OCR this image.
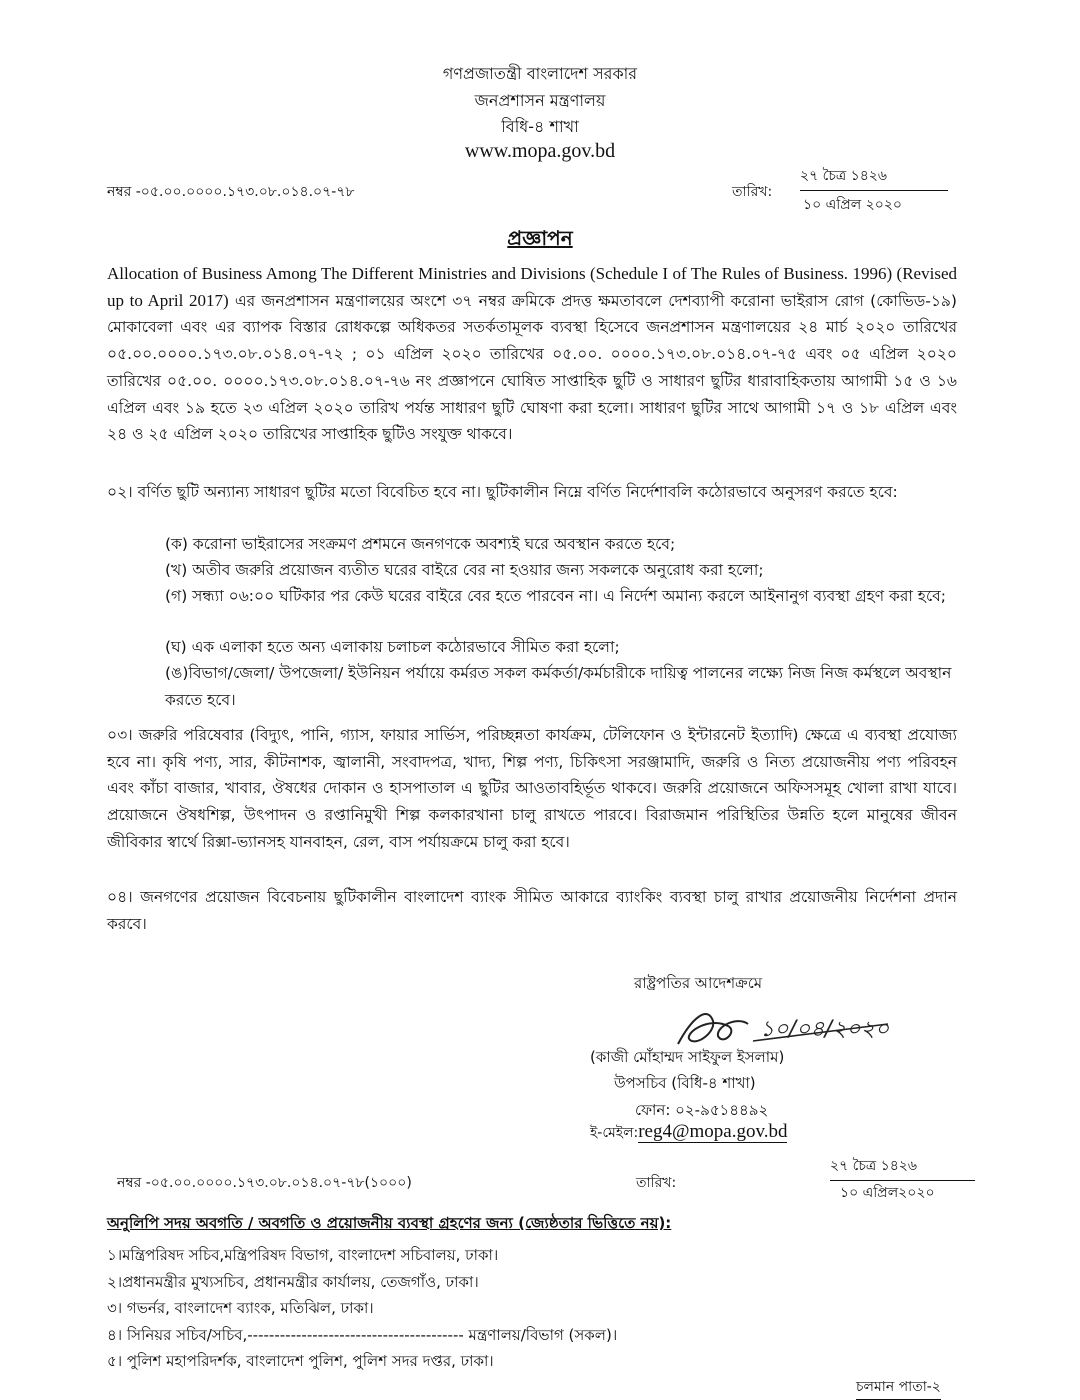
গণপ্রজাতন্ত্রী বাংলাদেশ সরকার
জনপ্রশাসন মন্ত্রণালয়
বিধি-৪ শাখা
www.mopa.gov.bd
নম্বর -০৫.০০.০০০০.১৭৩.০৮.০১৪.০৭-৭৮	তারিখ:
২৭ চৈত্র ১৪২৬
১০ এপ্রিল ২০২০
প্রজ্ঞাপন
Allocation of Business Among The Different Ministries and Divisions (Schedule I of The Rules of Business. 1996) (Revised up to April 2017) এর জনপ্রশাসন মন্ত্রণালয়ের অংশে ৩৭ নম্বর ক্রমিকে প্রদত্ত ক্ষমতাবলে দেশব্যাপী করোনা ভাইরাস রোগ (কোভিড-১৯) মোকাবেলা এবং এর ব্যাপক বিস্তার রোধকল্পে অধিকতর সতর্কতামূলক ব্যবস্থা হিসেবে জনপ্রশাসন মন্ত্রণালয়ের ২৪ মার্চ ২০২০ তারিখের ০৫.০০.০০০০.১৭৩.০৮.০১৪.০৭-৭২ ; ০১ এপ্রিল ২০২০ তারিখের ০৫.০০. ০০০০.১৭৩.০৮.০১৪.০৭-৭৫ এবং ০৫ এপ্রিল ২০২০ তারিখের ০৫.০০. ০০০০.১৭৩.০৮.০১৪.০৭-৭৬ নং প্রজ্ঞাপনে ঘোষিত সাপ্তাহিক ছুটি ও সাধারণ ছুটির ধারাবাহিকতায় আগামী ১৫ ও ১৬ এপ্রিল এবং ১৯ হতে ২৩ এপ্রিল ২০২০ তারিখ পর্যন্ত সাধারণ ছুটি ঘোষণা করা হলো। সাধারণ ছুটির সাথে আগামী ১৭ ও ১৮ এপ্রিল এবং ২৪ ও ২৫ এপ্রিল ২০২০ তারিখের সাপ্তাহিক ছুটিও সংযুক্ত থাকবে।
০২। বর্ণিত ছুটি অন্যান্য সাধারণ ছুটির মতো বিবেচিত হবে না। ছুটিকালীন নিম্নে বর্ণিত নির্দেশাবলি কঠোরভাবে অনুসরণ করতে হবে:
(ক) করোনা ভাইরাসের সংক্রমণ প্রশমনে জনগণকে অবশ্যই ঘরে অবস্থান করতে হবে;
(খ) অতীব জরুরি প্রয়োজন ব্যতীত ঘরের বাইরে বের না হওয়ার জন্য সকলকে অনুরোধ করা হলো;
(গ) সন্ধ্যা ০৬:০০ ঘটিকার পর কেউ ঘরের বাইরে বের হতে পারবেন না। এ নির্দেশ অমান্য করলে আইনানুগ ব্যবস্থা গ্রহণ করা হবে;
(ঘ) এক এলাকা হতে অন্য এলাকায় চলাচল কঠোরভাবে সীমিত করা হলো;
(ঙ)বিভাগ/জেলা/ উপজেলা/ ইউনিয়ন পর্যায়ে কর্মরত সকল কর্মকর্তা/কর্মচারীকে দায়িত্ব পালনের লক্ষ্যে নিজ নিজ কর্মস্থলে অবস্থান করতে হবে।
০৩। জরুরি পরিষেবার (বিদ্যুৎ, পানি, গ্যাস, ফায়ার সার্ভিস, পরিচ্ছন্নতা কার্যক্রম, টেলিফোন ও ইন্টারনেট ইত্যাদি) ক্ষেত্রে এ ব্যবস্থা প্রযোজ্য হবে না। কৃষি পণ্য, সার, কীটনাশক, জ্বালানী, সংবাদপত্র, খাদ্য, শিল্প পণ্য, চিকিৎসা সরঞ্জামাদি, জরুরি ও নিত্য প্রয়োজনীয় পণ্য পরিবহন এবং কাঁচা বাজার, খাবার, ঔষধের দোকান ও হাসপাতাল এ ছুটির আওতাবহির্ভূত থাকবে। জরুরি প্রয়োজনে অফিসসমূহ খোলা রাখা যাবে। প্রয়োজনে ঔষধশিল্প, উৎপাদন ও রপ্তানিমুখী শিল্প কলকারখানা চালু রাখতে পারবে। বিরাজমান পরিস্থিতির উন্নতি হলে মানুষের জীবন জীবিকার স্বার্থে রিক্সা-ভ্যানসহ যানবাহন, রেল, বাস পর্যায়ক্রমে চালু করা হবে।
০৪। জনগণের প্রয়োজন বিবেচনায় ছুটিকালীন বাংলাদেশ ব্যাংক সীমিত আকারে ব্যাংকিং ব্যবস্থা চালু রাখার প্রয়োজনীয় নির্দেশনা প্রদান করবে।
রাষ্ট্রপতির আদেশক্রমে
১০/০৪/২০২০
(কাজী মোঁহাম্মদ সাইফুল ইসলাম)
উপসচিব (বিধি-৪ শাখা)
ফোন: ০২-৯৫১৪৪৯২
ই-মেইল:reg4@mopa.gov.bd
নম্বর -০৫.০০.০০০০.১৭৩.০৮.০১৪.০৭-৭৮(১০০০)	তারিখ:
২৭ চৈত্র ১৪২৬
১০ এপ্রিল২০২০
অনুলিপি সদয় অবগতি / অবগতি ও প্রয়োজনীয় ব্যবস্থা গ্রহণের জন্য (জ্যেষ্ঠতার ভিত্তিতে নয়):
১।মন্ত্রিপরিষদ সচিব,মন্ত্রিপরিষদ বিভাগ, বাংলাদেশ সচিবালয়, ঢাকা।
২।প্রধানমন্ত্রীর মুখ্যসচিব, প্রধানমন্ত্রীর কার্যালয়, তেজগাঁও, ঢাকা।
৩। গভর্নর, বাংলাদেশ ব্যাংক, মতিঝিল, ঢাকা।
৪। সিনিয়র সচিব/সচিব,---------------------------------------- মন্ত্রণালয়/বিভাগ (সকল)।
৫। পুলিশ মহাপরিদর্শক, বাংলাদেশ পুলিশ, পুলিশ সদর দপ্তর, ঢাকা।
চলমান পাতা-২
